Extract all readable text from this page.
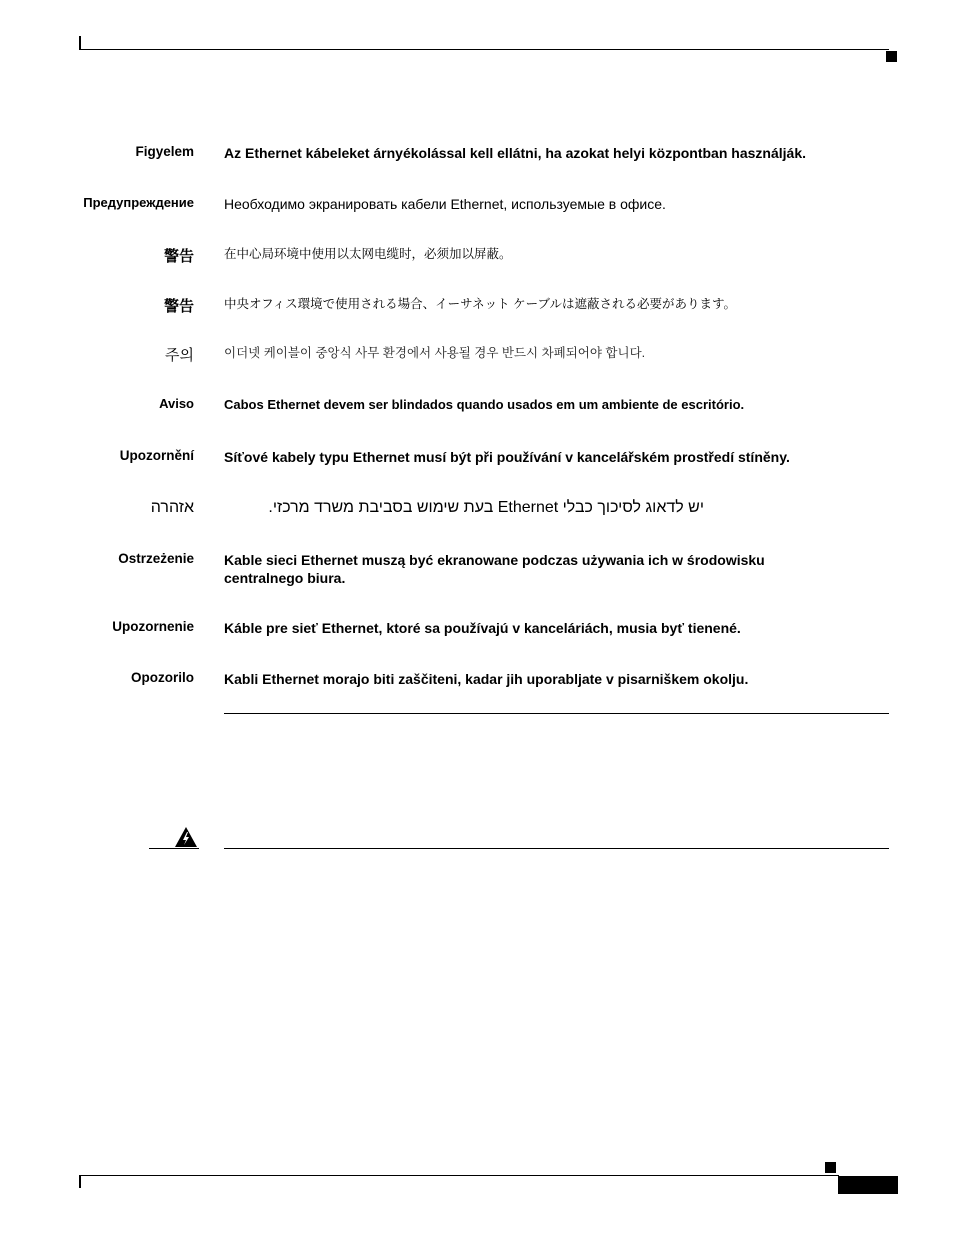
Figyelem Az Ethernet kábeleket árnyékolással kell ellátni, ha azokat helyi központban használják.
Предупреждение Необходимо экранировать кабели Ethernet, используемые в офисе.
警告 在中心局环境中使用以太网电缆时，必须加以屏蔽。
警告 中央オフィス環境で使用される場合、イーサネット ケーブルは遮蔽される必要があります。
주의 이더넷 케이블이 중앙식 사무 환경에서 사용될 경우 반드시 차폐되어야 합니다.
Aviso Cabos Ethernet devem ser blindados quando usados em um ambiente de escritório.
Upozornění Síťové kabely typu Ethernet musí být při používání v kancelářském prostředí stíněny.
אזהרה	יש לדאוג לסיכוך כבלי Ethernet בעת שימוש בסביבת משרד מרכזי.
Ostrzeżenie Kable sieci Ethernet muszą być ekranowane podczas używania ich w środowisku centralnego biura.
Upozornenie Káble pre sieť Ethernet, ktoré sa používajú v kanceláriách, musia byť tienené.
Opozorilo Kabli Ethernet morajo biti zaščiteni, kadar jih uporabljate v pisarniškem okolju.
